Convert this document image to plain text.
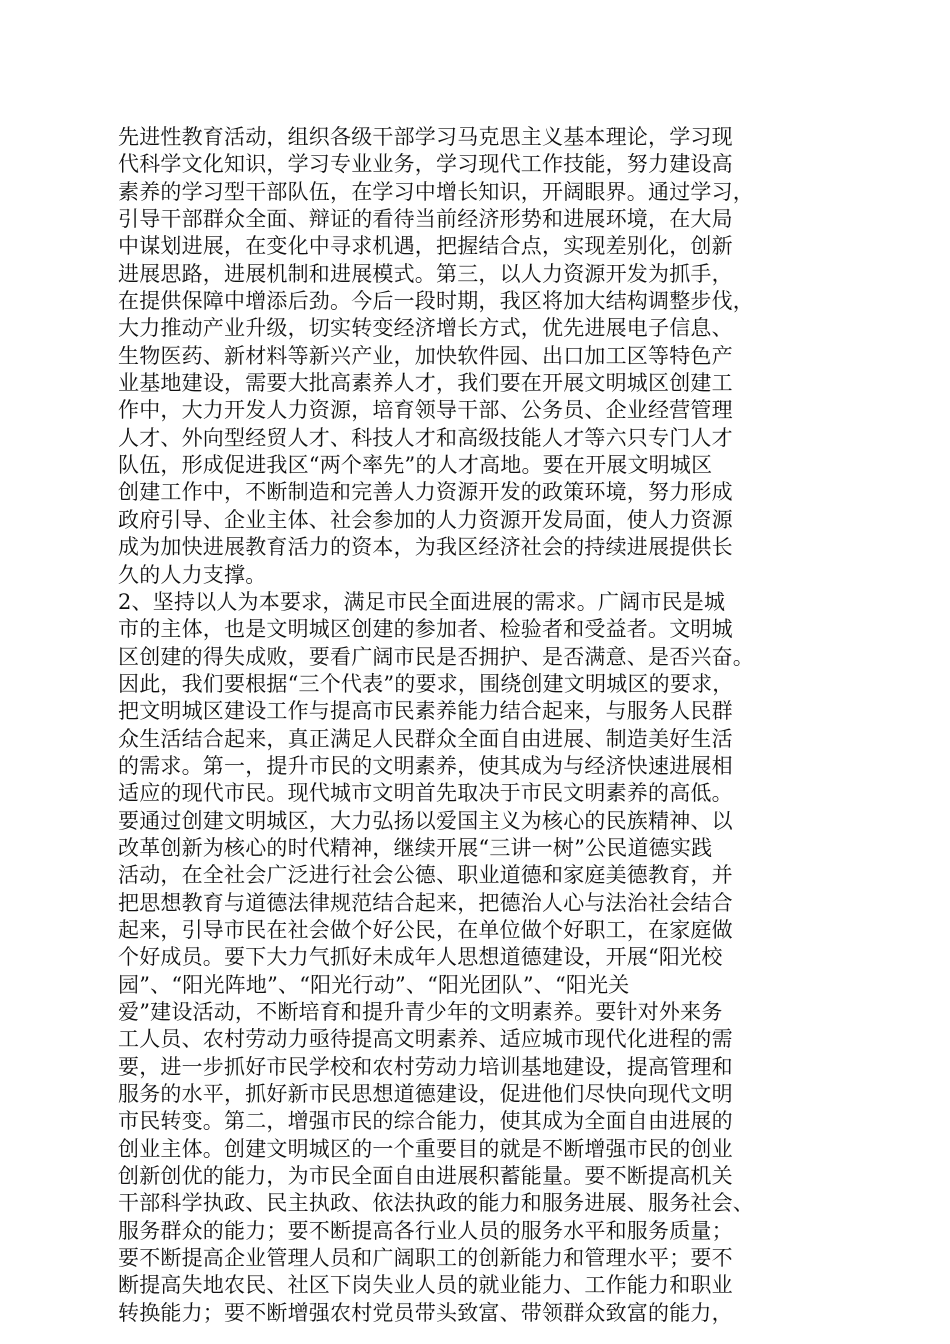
先进性教育活动，组织各级干部学习马克思主义基本理论，学习现
代科学文化知识，学习专业业务，学习现代工作技能，努力建设高
素养的学习型干部队伍，在学习中增长知识，开阔眼界。通过学习，
引导干部群众全面、辩证的看待当前经济形势和进展环境，在大局
中谋划进展，在变化中寻求机遇，把握结合点，实现差别化，创新
进展思路，进展机制和进展模式。第三，以人力资源开发为抓手，
在提供保障中增添后劲。今后一段时期，我区将加大结构调整步伐，
大力推动产业升级，切实转变经济增长方式，优先进展电子信息、
生物医药、新材料等新兴产业，加快软件园、出口加工区等特色产
业基地建设，需要大批高素养人才，我们要在开展文明城区创建工
作中，大力开发人力资源，培育领导干部、公务员、企业经营管理
人才、外向型经贸人才、科技人才和高级技能人才等六只专门人才
队伍，形成促进我区“两个率先”的人才高地。要在开展文明城区
创建工作中，不断制造和完善人力资源开发的政策环境，努力形成
政府引导、企业主体、社会参加的人力资源开发局面，使人力资源
成为加快进展教育活力的资本，为我区经济社会的持续进展提供长
久的人力支撑。
2、坚持以人为本要求，满足市民全面进展的需求。广阔市民是城
市的主体，也是文明城区创建的参加者、检验者和受益者。文明城
区创建的得失成败，要看广阔市民是否拥护、是否满意、是否兴奋。
因此，我们要根据“三个代表”的要求，围绕创建文明城区的要求，
把文明城区建设工作与提高市民素养能力结合起来，与服务人民群
众生活结合起来，真正满足人民群众全面自由进展、制造美好生活
的需求。第一，提升市民的文明素养，使其成为与经济快速进展相
适应的现代市民。现代城市文明首先取决于市民文明素养的高低。
要通过创建文明城区，大力弘扬以爱国主义为核心的民族精神、以
改革创新为核心的时代精神，继续开展“三讲一树”公民道德实践
活动，在全社会广泛进行社会公德、职业道德和家庭美德教育，并
把思想教育与道德法律规范结合起来，把德治人心与法治社会结合
起来，引导市民在社会做个好公民，在单位做个好职工，在家庭做
个好成员。要下大力气抓好未成年人思想道德建设，开展“阳光校
园”、“阳光阵地”、“阳光行动”、“阳光团队”、“阳光关
爱”建设活动，不断培育和提升青少年的文明素养。要针对外来务
工人员、农村劳动力亟待提高文明素养、适应城市现代化进程的需
要，进一步抓好市民学校和农村劳动力培训基地建设，提高管理和
服务的水平，抓好新市民思想道德建设，促进他们尽快向现代文明
市民转变。第二，增强市民的综合能力，使其成为全面自由进展的
创业主体。创建文明城区的一个重要目的就是不断增强市民的创业
创新创优的能力，为市民全面自由进展积蓄能量。要不断提高机关
干部科学执政、民主执政、依法执政的能力和服务进展、服务社会、
服务群众的能力；要不断提高各行业人员的服务水平和服务质量；
要不断提高企业管理人员和广阔职工的创新能力和管理水平；要不
断提高失地农民、社区下岗失业人员的就业能力、工作能力和职业
转换能力；要不断增强农村党员带头致富、带领群众致富的能力，
